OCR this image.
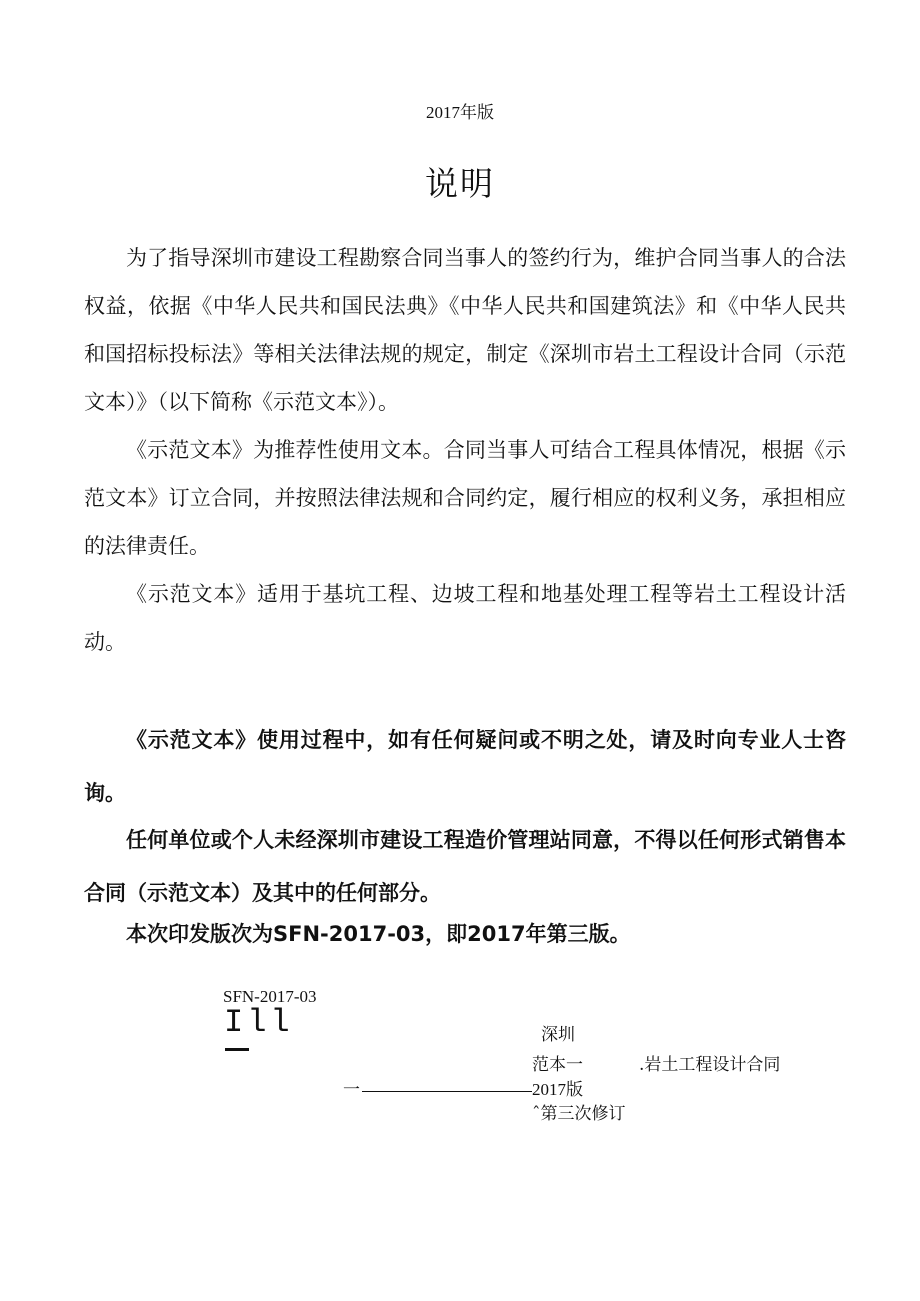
2017年版
说明

为了指导深圳市建设工程勘察合同当事人的签约行为，维护合同当事人的合法权益，依据《中华人民共和国民法典》《中华人民共和国建筑法》和《中华人民共和国招标投标法》等相关法律法规的规定，制定《深圳市岩土工程设计合同（示范文本）》（以下简称《示范文本》）。

《示范文本》为推荐性使用文本。合同当事人可结合工程具体情况，根据《示范文本》订立合同，并按照法律法规和合同约定，履行相应的权利义务，承担相应的法律责任。

《示范文本》适用于基坑工程、边坡工程和地基处理工程等岩土工程设计活动。

《示范文本》使用过程中，如有任何疑问或不明之处，请及时向专业人士咨询。

任何单位或个人未经深圳市建设工程造价管理站同意，不得以任何形式销售本合同（示范文本）及其中的任何部分。

本次印发版次为SFN-2017-03，即2017年第三版。

SFN-2017-03
Ill	深圳
范本一	.岩土工程设计合同
一	2017版
ˆ第三次修订
